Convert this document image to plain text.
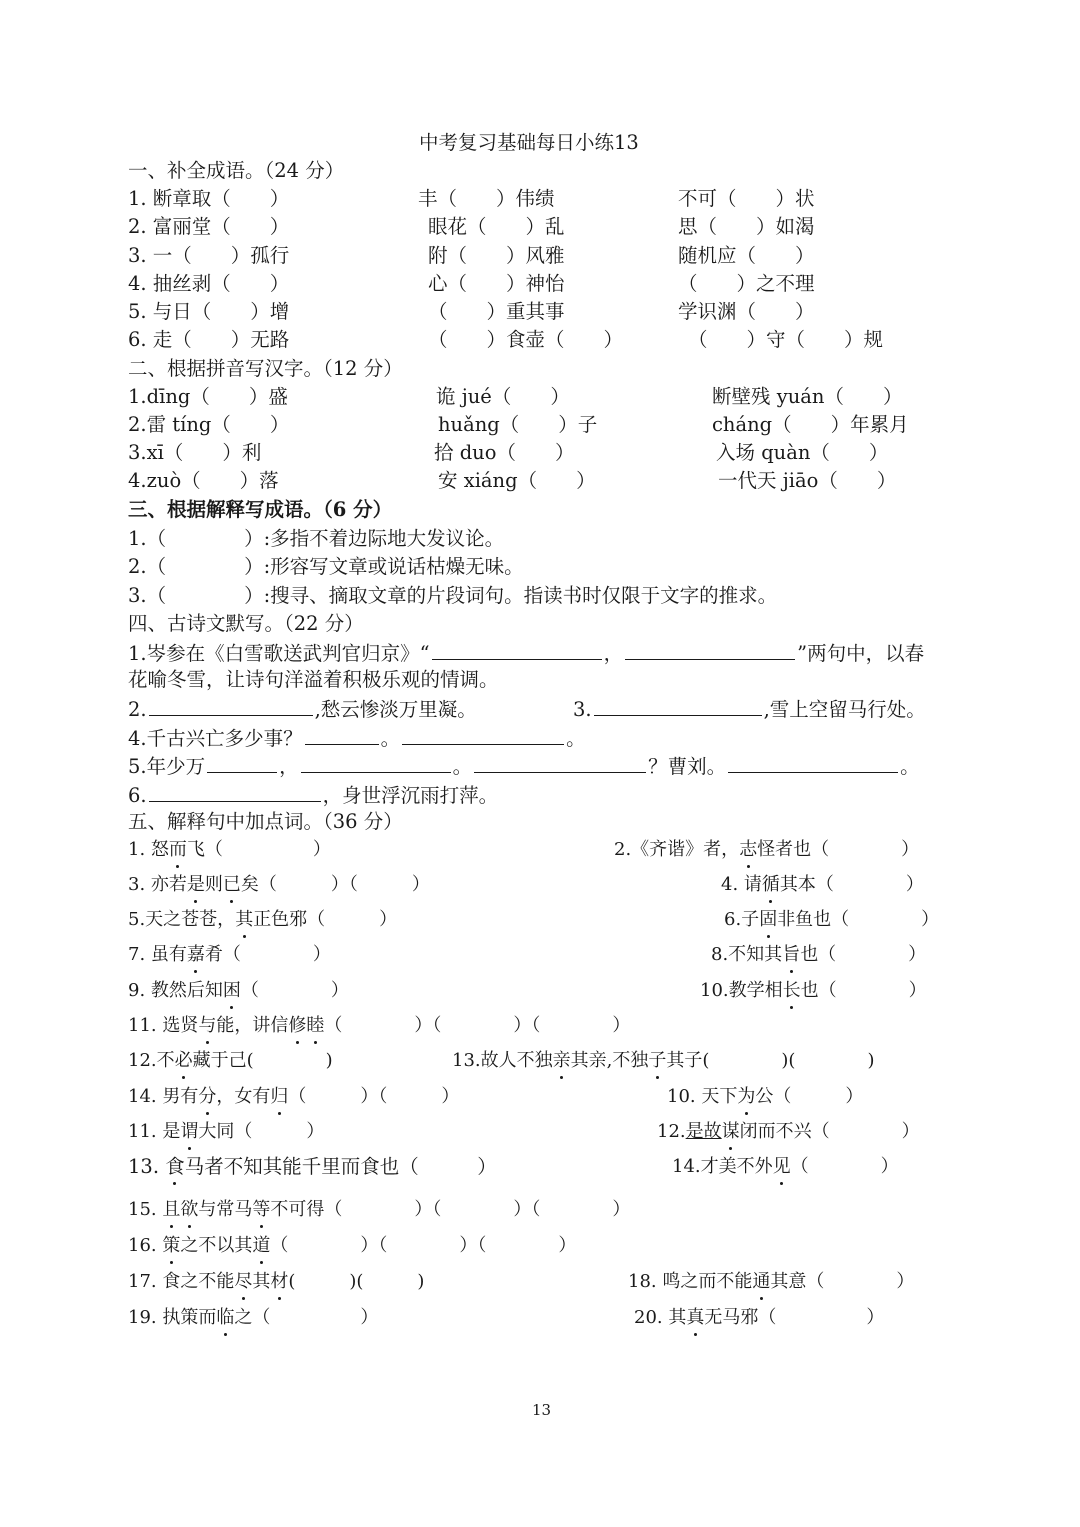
中考复习基础每日小练13
一、补全成语。（24 分）
1. 断章取（　　）	丰（　　）伟绩	不可（　　）状
2. 富丽堂（　　）	眼花（　　）乱	思（　　）如渴
3. 一（　　）孤行	附（　　）风雅	随机应（　　）
4. 抽丝剥（　　）	心（　　）神怡	（　　）之不理
5. 与日（　　）增	（　　）重其事	学识渊（　　）
6. 走（　　）无路	（　　）食壶（　　）	（　　）守（　　）规
二、根据拼音写汉字。（12 分）
1.dīng（　　）盛	诡 jué（　　）	断壁残 yuán（　　）
2.雷 tíng（　　）	huǎng（　　）子	cháng（　　）年累月
3.xī（　　）利	拾 duo（　　）	入场 quàn（　　）
4.zuò（　　）落	安 xiáng（　　）	一代天 jiāo（　　）
三、根据解释写成语。（6 分）
1.（　　　　）:多指不着边际地大发议论。
2.（　　　　）:形容写文章或说话枯燥无味。
3.（　　　　）:搜寻、摘取文章的片段词句。指读书时仅限于文字的推求。
四、古诗文默写。（22 分）
1.岑参在《白雪歌送武判官归京》“	，	”两句中，以春
花喻冬雪，让诗句洋溢着积极乐观的情调。
2.	,愁云惨淡万里凝。	3.	,雪上空留马行处。
4.千古兴亡多少事？	。	。
5.年少万	，	。	？曹刘。	。
6.	，身世浮沉雨打萍。
五、解释句中加点词。（36 分）
1. 怒而飞（　　　　　）	2.《齐谐》者，志怪者也（　　　　）
3. 亦若是则已矣（　　　）（　　　）	4. 请循其本（　　　　）
5.天之苍苍，其正色邪（　　　）	6.子固非鱼也（　　　　）
7. 虽有嘉肴（　　　　）	8.不知其旨也（　　　　）
9. 教然后知困（　　　　）	10.教学相长也（　　　　）
11. 选贤与能，讲信修睦（　　　　）（　　　　）（　　　　）
12.不必藏于己(　　　　)	13.故人不独亲其亲,不独子其子(　　　　)(　　　　)
14. 男有分，女有归（　　　）（　　　）	10. 天下为公（　　　）
11. 是谓大同（　　　）	12.是故谋闭而不兴（　　　　）
13. 食马者不知其能千里而食也（　　　）	14.才美不外见（　　　　）
15. 且欲与常马等不可得（　　　　）（　　　　）（　　　　）
16. 策之不以其道（　　　　）（　　　　）（　　　　）
17. 食之不能尽其材(　　　)(　　　)	18. 鸣之而不能通其意（　　　　）
19. 执策而临之（　　　　　）	20. 其真无马邪（　　　　　）
13
